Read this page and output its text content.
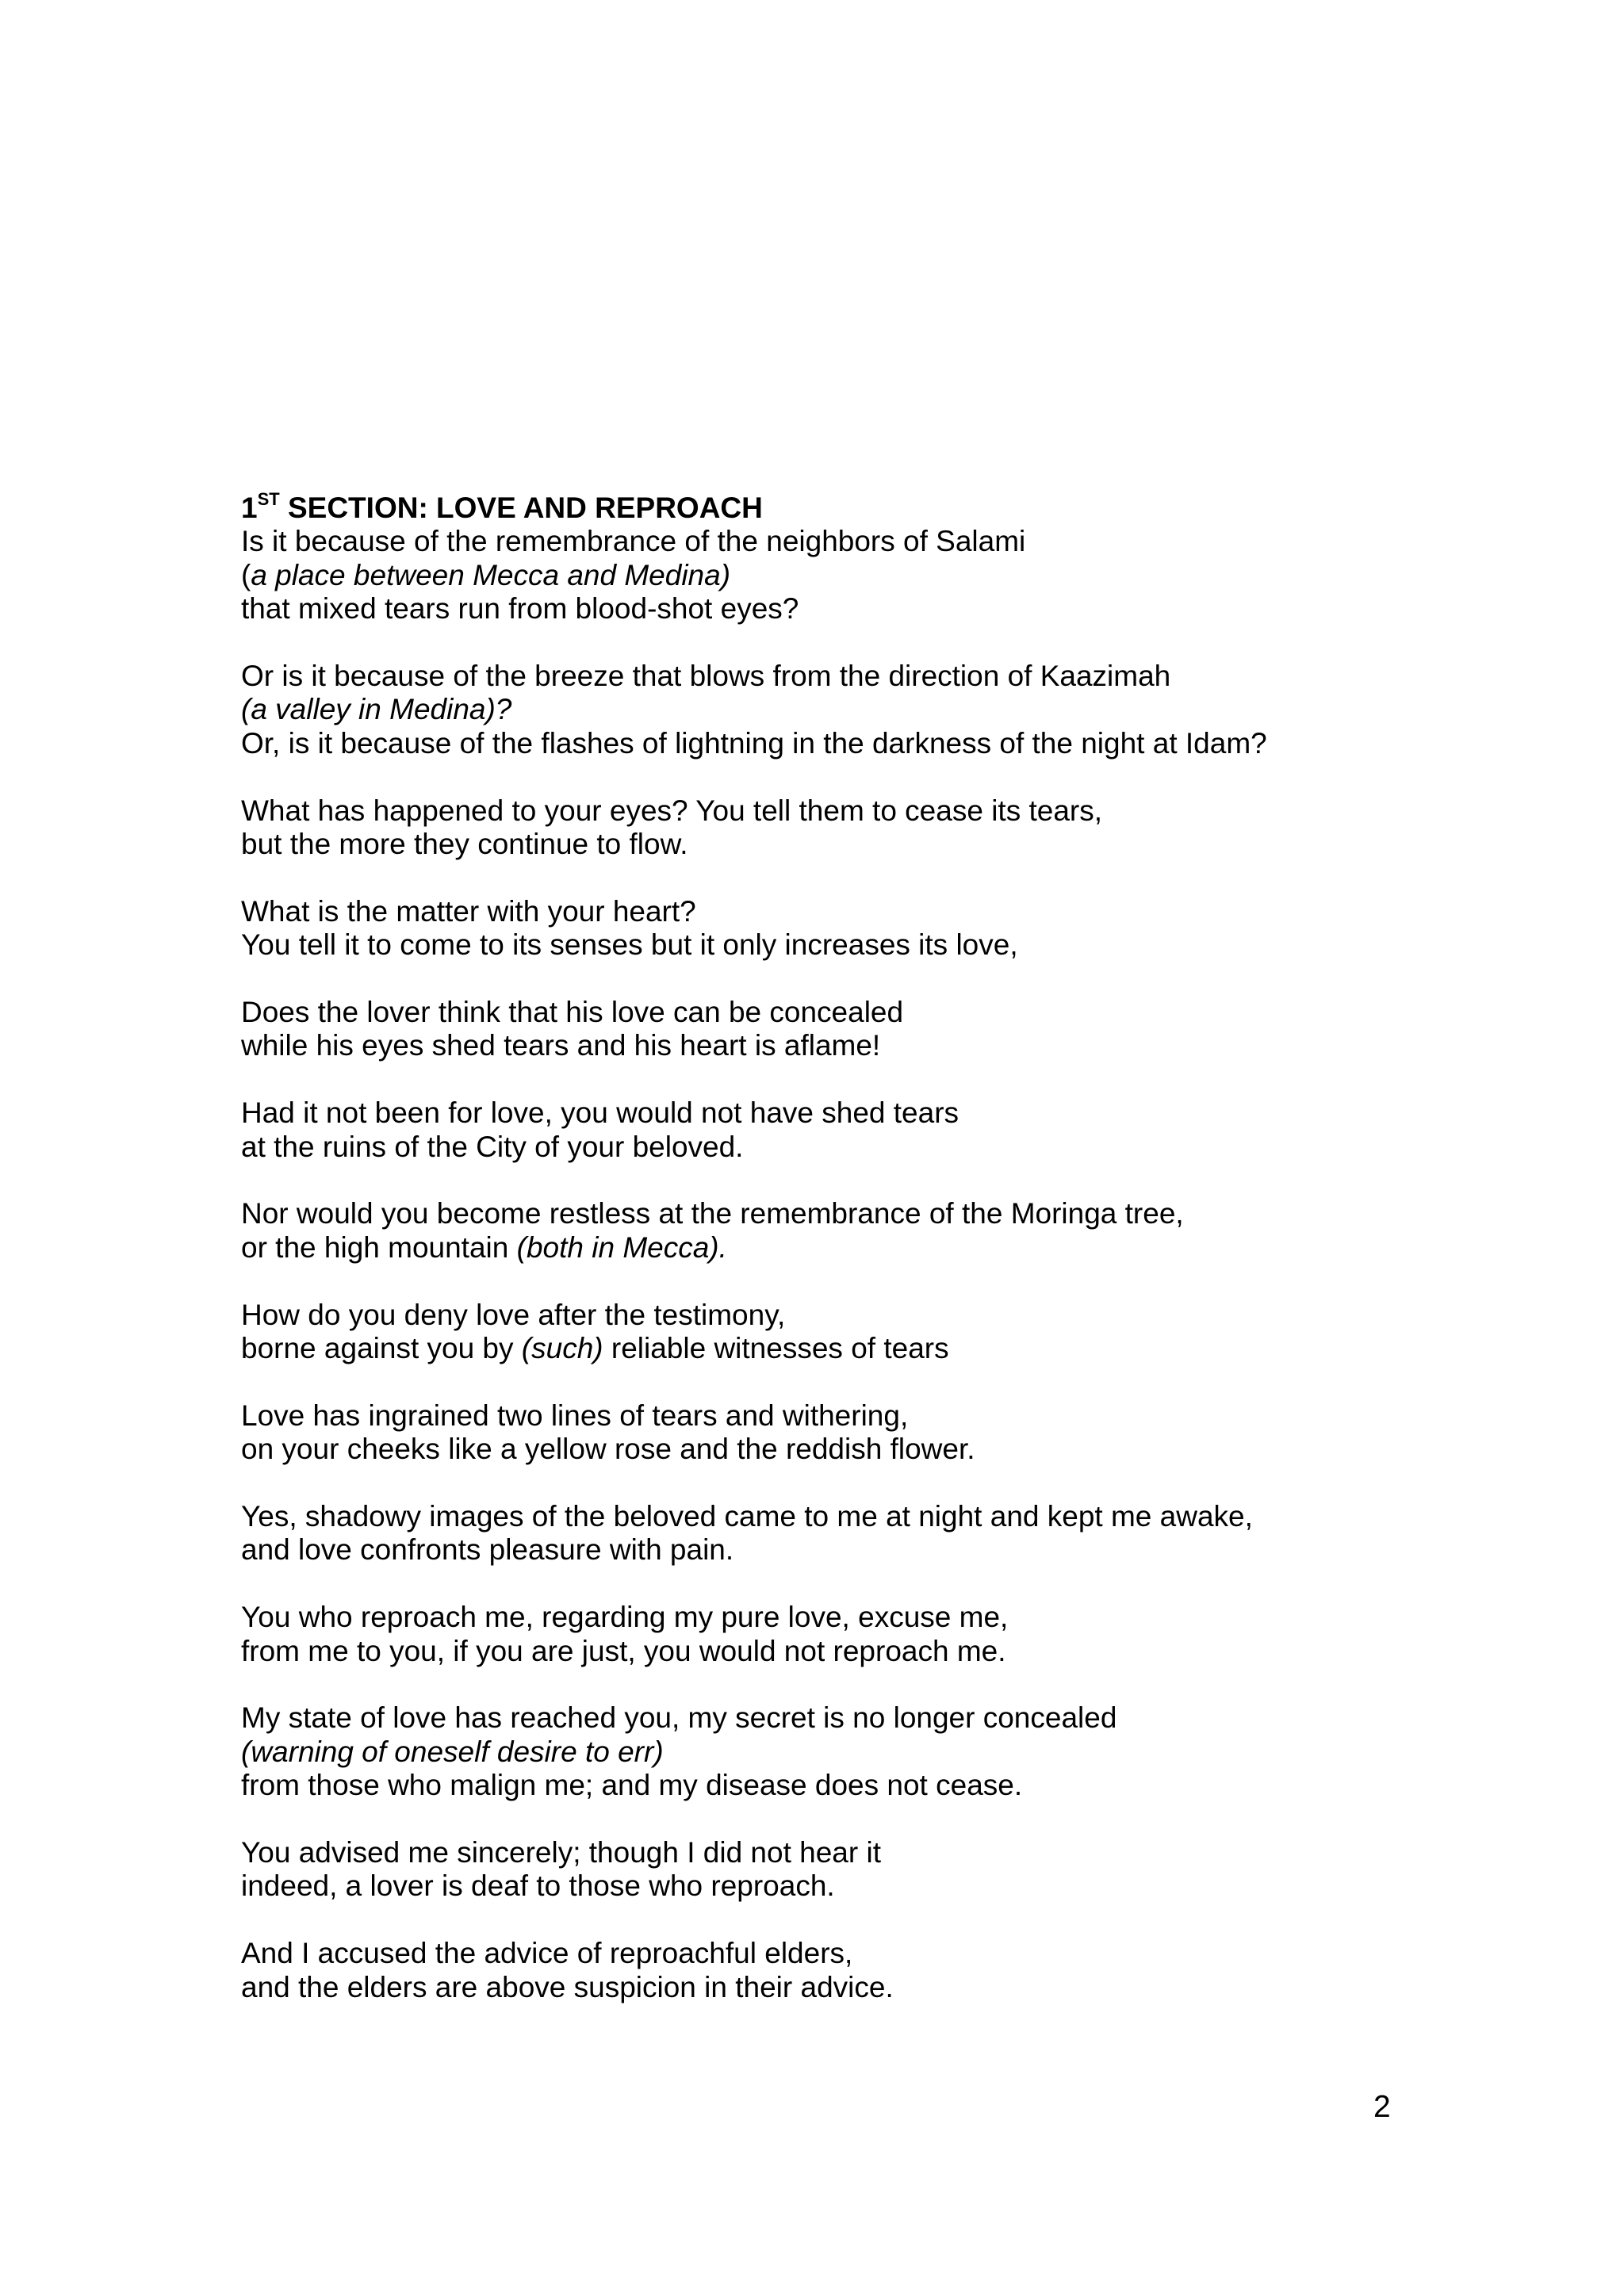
1ST SECTION: LOVE AND REPROACH
Is it because of the remembrance of the neighbors of Salami
(a place between Mecca and Medina)
that mixed tears run from blood-shot eyes?
Or is it because of the breeze that blows from the direction of Kaazimah
(a valley in Medina)?
Or, is it because of the flashes of lightning in the darkness of the night at Idam?
What has happened to your eyes? You tell them to cease its tears,
but the more they continue to flow.
What is the matter with your heart?
You tell it to come to its senses but it only increases its love,
Does the lover think that his love can be concealed
while his eyes shed tears and his heart is aflame!
Had it not been for love, you would not have shed tears
at the ruins of the City of your beloved.
Nor would you become restless at the remembrance of the Moringa tree,
or the high mountain (both in Mecca).
How do you deny love after the testimony,
borne against you by (such) reliable witnesses of tears
Love has ingrained two lines of tears and withering,
on your cheeks like a yellow rose and the reddish flower.
Yes, shadowy images of the beloved came to me at night and kept me awake,
and love confronts pleasure with pain.
You who reproach me, regarding my pure love, excuse me,
from me to you, if you are just, you would not reproach me.
My state of love has reached you, my secret is no longer concealed
(warning of oneself desire to err)
from those who malign me; and my disease does not cease.
You advised me sincerely; though I did not hear it
indeed, a lover is deaf to those who reproach.
And I accused the advice of reproachful elders,
and the elders are above suspicion in their advice.
2
